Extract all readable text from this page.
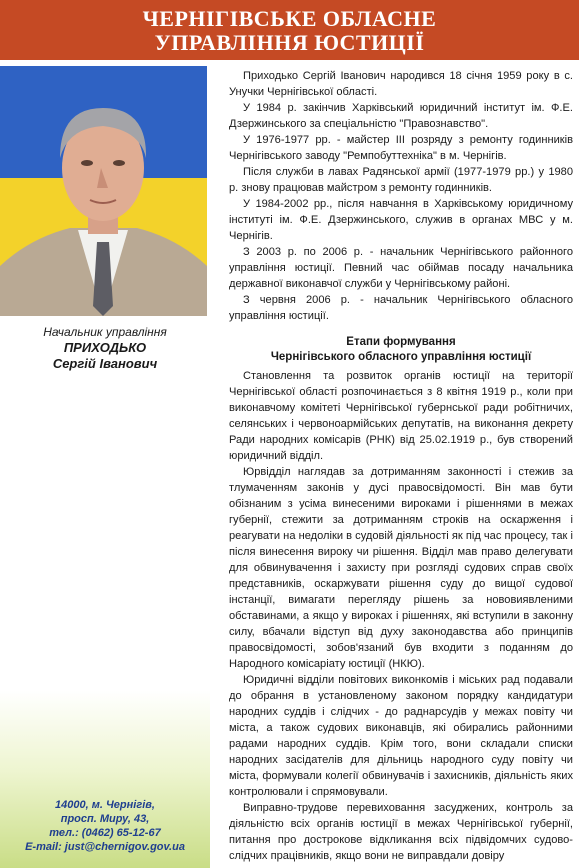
ЧЕРНІГІВСЬКЕ ОБЛАСНЕ
УПРАВЛІННЯ ЮСТИЦІЇ
Начальник управління
ПРИХОДЬКО
Сергій Іванович
14000, м. Чернігів,
просп. Миру, 43,
тел.: (0462) 65-12-67
E-mail: just@chernigov.gov.ua

Приходько Сергій Іванович народився 18 січня 1959 року в с. Унучки Чернігівської області.

У 1984 р. закінчив Харківський юридичний інститут ім. Ф.Е. Дзержинського за спеціальністю "Правознавство".

У 1976-1977 рр. - майстер III розряду з ремонту годинників Чернігівського заводу "Ремпобуттехніка" в м. Чернігів.

Після служби в лавах Радянської армії (1977-1979 рр.) у 1980 р. знову працював майстром з ремонту годинників.

У 1984-2002 рр., після навчання в Харківському юридичному інституті ім. Ф.Е. Дзержинського, служив в органах МВС у м. Чернігів.

З 2003 р. по 2006 р. - начальник Чернігівського районного управління юстиції. Певний час обіймав посаду начальника державної виконавчої служби у Чернігівському районі.

З червня 2006 р. - начальник Чернігівського обласного управління юстиції.

Етапи формування
Чернігівського обласного управління юстиції

Становлення та розвиток органів юстиції на території Чернігівської області розпочинається з 8 квітня 1919 р., коли при виконавчому комітеті Чернігівської губернської ради робітничих, селянських і червоноармійських депутатів, на виконання декрету Ради народних комісарів (РНК) від 25.02.1919 р., був створений юридичний відділ.

Юрвідділ наглядав за дотриманням законності і стежив за тлумаченням законів у дусі правосвідомості. Він мав бути обізнаним з усіма винесеними вироками і рішеннями в межах губернії, стежити за дотриманням строків на оскарження і реагувати на недоліки в судовій діяльності як під час процесу, так і після винесення вироку чи рішення. Відділ мав право делегувати для обвинувачення і захисту при розгляді судових справ своїх представників, оскаржувати рішення суду до вищої судової інстанції, вимагати перегляду рішень за нововиявленими обставинами, а якщо у вироках і рішеннях, які вступили в законну силу, вбачали відступ від духу законодавства або принципів правосвідомості, зобов'язаний був входити з поданням до Народного комісаріату юстиції (НКЮ).

Юридичні відділи повітових виконкомів і міських рад подавали до обрання в установленому законом порядку кандидатури народних суддів і слідчих - до раднарсудів у межах повіту чи міста, а також судових виконавців, які обирались районними радами народних суддів. Крім того, вони складали списки народних засідателів для дільниць народного суду повіту чи міста, формували колегії обвинувачів і захисників, діяльність яких контролювали і спрямовували.

Виправно-трудове перевиховання засуджених, контроль за діяльністю всіх органів юстиції в межах Чернігівської губернії, питання про дострокове відкликання всіх підвідомчих судово-слідчих працівників, якщо вони не виправдали довіру
